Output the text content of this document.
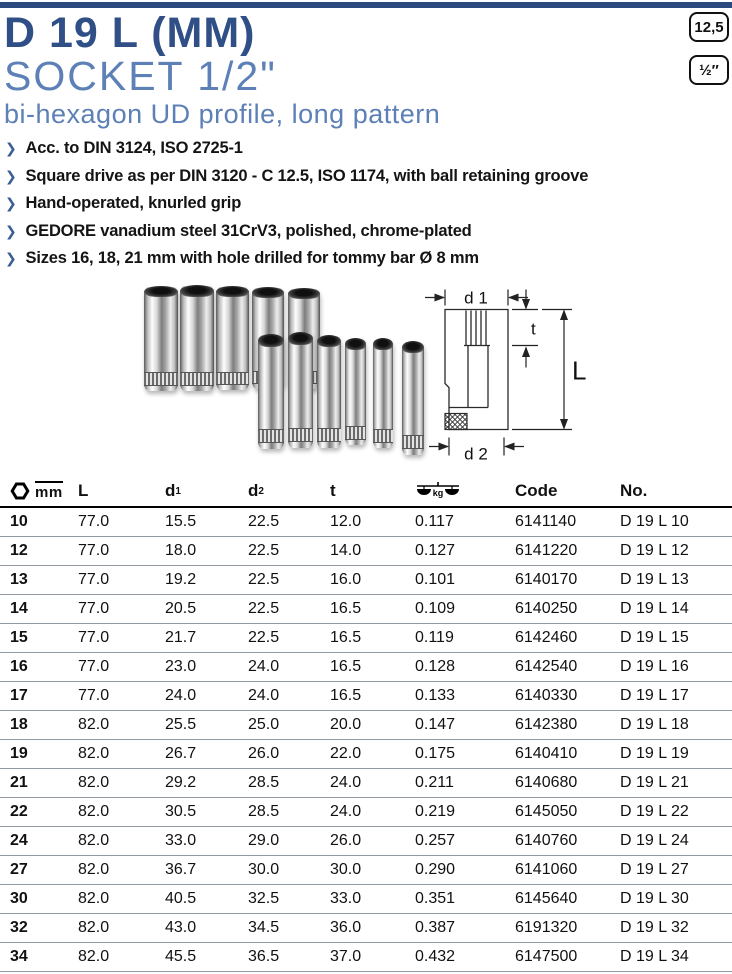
D 19 L (MM)	12,5
½″
SOCKET 1/2"
bi-hexagon UD profile, long pattern
❯ Acc. to DIN 3124, ISO 2725-1
❯ Square drive as per DIN 3120 - C 12.5, ISO 1174, with ball retaining groove
❯ Hand-operated, knurled grip
❯ GEDORE vanadium steel 31CrV3, polished, chrome-plated
❯ Sizes 16, 18, 21 mm with hole drilled for tommy bar Ø 8 mm
d 1
t
L
d 2
mm	L	d 1	d 2	t	kg	Code	No.

10	77.0	15.5	22.5	12.0	0.117	6141140	D 19 L 10
12	77.0	18.0	22.5	14.0	0.127	6141220	D 19 L 12
13	77.0	19.2	22.5	16.0	0.101	6140170	D 19 L 13
14	77.0	20.5	22.5	16.5	0.109	6140250	D 19 L 14
15	77.0	21.7	22.5	16.5	0.119	6142460	D 19 L 15
16	77.0	23.0	24.0	16.5	0.128	6142540	D 19 L 16
17	77.0	24.0	24.0	16.5	0.133	6140330	D 19 L 17
18	82.0	25.5	25.0	20.0	0.147	6142380	D 19 L 18
19	82.0	26.7	26.0	22.0	0.175	6140410	D 19 L 19
21	82.0	29.2	28.5	24.0	0.211	6140680	D 19 L 21
22	82.0	30.5	28.5	24.0	0.219	6145050	D 19 L 22
24	82.0	33.0	29.0	26.0	0.257	6140760	D 19 L 24
27	82.0	36.7	30.0	30.0	0.290	6141060	D 19 L 27
30	82.0	40.5	32.5	33.0	0.351	6145640	D 19 L 30
32	82.0	43.0	34.5	36.0	0.387	6191320	D 19 L 32
34	82.0	45.5	36.5	37.0	0.432	6147500	D 19 L 34
